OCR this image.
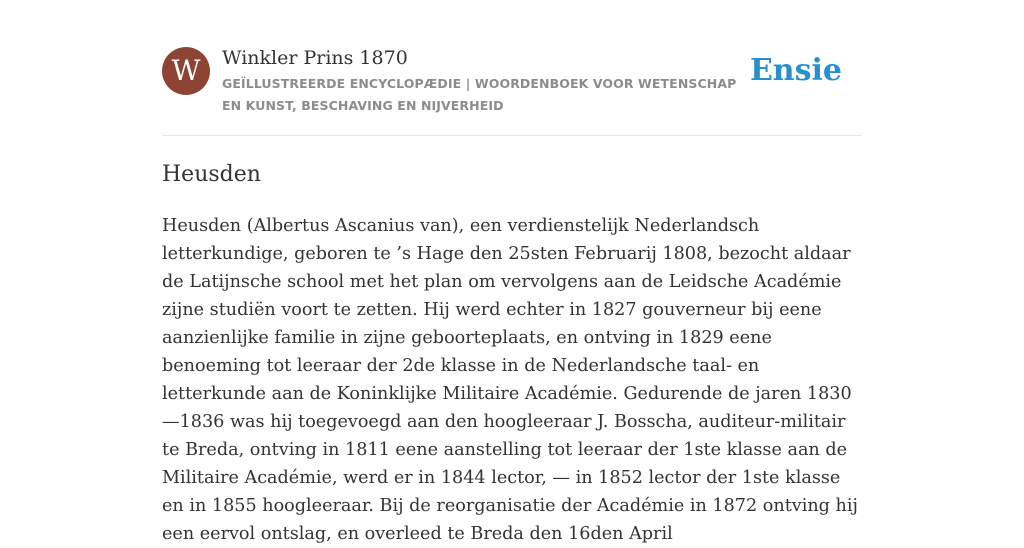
W	Winkler Prins 1870
GEÏLLUSTREERDE ENCYCLOPÆDIE | WOORDENBOEK VOOR WETENSCHAP EN KUNST, BESCHAVING EN NIJVERHEID
Ensie
Heusden

Heusden (Albertus Ascanius van), een verdienstelijk Nederlandsch letterkundige, geboren te ’s Hage den 25sten Februarij 1808, bezocht aldaar de Latijnsche school met het plan om vervolgens aan de Leidsche Académie zijne studiën voort te zetten. Hij werd echter in 1827 gouverneur bij eene aanzienlijke familie in zijne geboorteplaats, en ontving in 1829 eene benoeming tot leeraar der 2de klasse in de Nederlandsche taal- en letterkunde aan de Koninklijke Militaire Académie. Gedurende de jaren 1830—1836 was hij toegevoegd aan den hoogleeraar J. Bosscha, auditeur-militair te Breda, ontving in 1811 eene aanstelling tot leeraar der 1ste klasse aan de Militaire Académie, werd er in 1844 lector, — in 1852 lector der 1ste klasse en in 1855 hoogleeraar. Bij de reorganisatie der Académie in 1872 ontving hij een eervol ontslag, en overleed te Breda den 16den April
